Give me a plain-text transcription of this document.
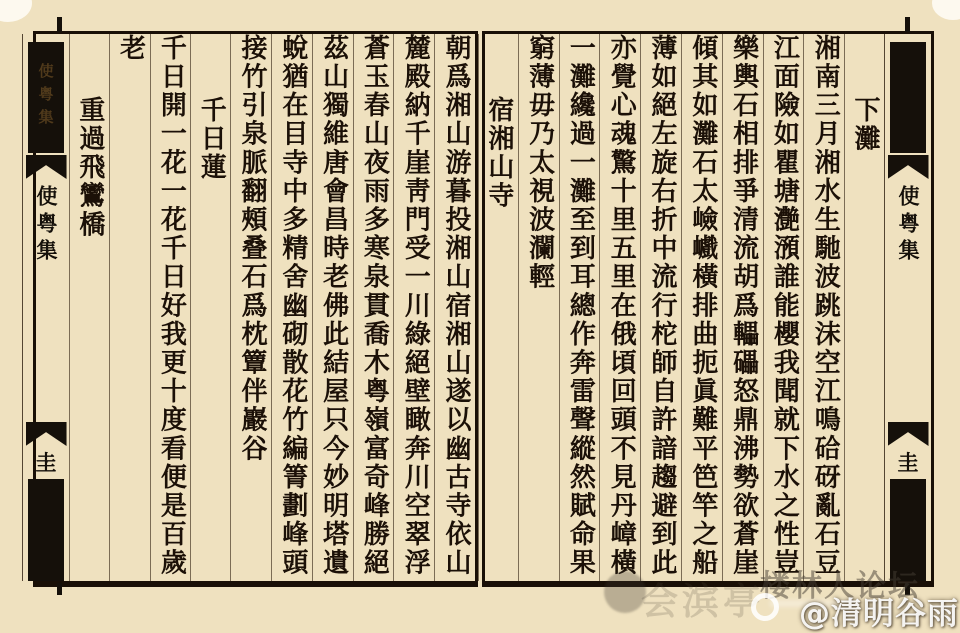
使粤集
圭
下灘
湘南三月湘水生馳波跳沫空江鳴硆砑亂石豆
江面險如瞿塘灔澦誰能櫻我聞就下水之性豈
樂輿石相排爭清流胡爲轠礧怒鼎沸勢欲蒼崖
傾其如灘石太嶮巇橫排曲扼眞難平笆竿之船
薄如絕左旋右折中流行柁師自許諳趨避到此
亦覺心魂驚十里五里在俄頃回頭不見丹嶂橫
一灘纔過一灘至到耳總作奔雷聲縱然賦命果
窮薄毋乃太視波瀾輕
宿湘山寺
朝爲湘山游暮投湘山宿湘山遂以幽古寺依山
麓殿納千崖靑門受一川綠絕壁瞰奔川空翠浮
蒼玉春山夜雨多寒泉貫喬木粤嶺富奇峰勝絕
茲山獨維唐會昌時老佛此結屋只今妙明塔遺
蛻猶在目寺中多精舍幽砌散花竹編箐劃峰頭
接竹引泉脈翻頰叠石爲枕簟伴巖谷
千日蓮
千日開一花一花千日好我更十度看便是百歲
老
重過飛鸞橋
使粤集
使粤集
圭
会滨亭
楼林人论坛
@清明谷雨
